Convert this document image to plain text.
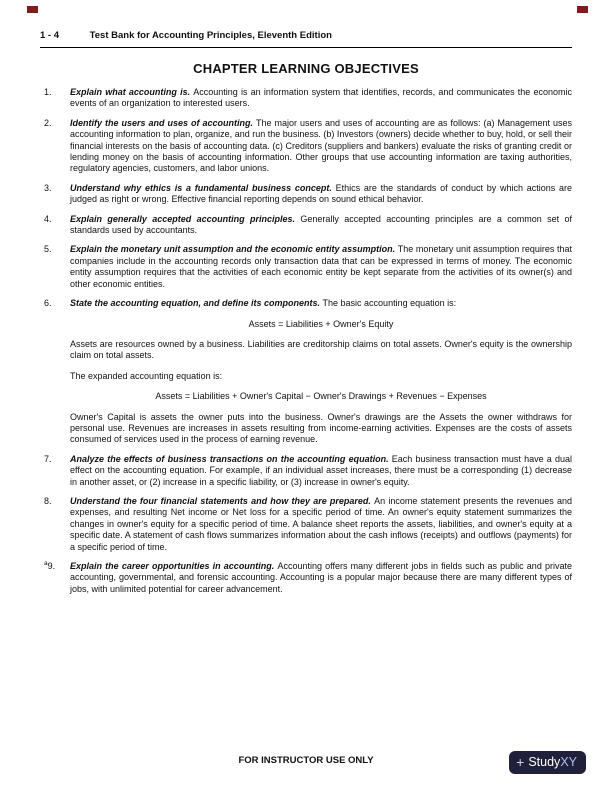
1 - 4	Test Bank for Accounting Principles, Eleventh Edition
CHAPTER LEARNING OBJECTIVES
1.	Explain what accounting is. Accounting is an information system that identifies, records, and communicates the economic events of an organization to interested users.

2.	Identify the users and uses of accounting. The major users and uses of accounting are as follows: (a) Management uses accounting information to plan, organize, and run the business. (b) Investors (owners) decide whether to buy, hold, or sell their financial interests on the basis of accounting data. (c) Creditors (suppliers and bankers) evaluate the risks of granting credit or lending money on the basis of accounting information. Other groups that use accounting information are taxing authorities, regulatory agencies, customers, and labor unions.

3.	Understand why ethics is a fundamental business concept. Ethics are the standards of conduct by which actions are judged as right or wrong. Effective financial reporting depends on sound ethical behavior.

4.	Explain generally accepted accounting principles. Generally accepted accounting principles are a common set of standards used by accountants.

5.	Explain the monetary unit assumption and the economic entity assumption. The monetary unit assumption requires that companies include in the accounting records only transaction data that can be expressed in terms of money. The economic entity assumption requires that the activities of each economic entity be kept separate from the activities of its owner(s) and other economic entities.

6.	State the accounting equation, and define its components. The basic accounting equation is:

Assets = Liabilities + Owner's Equity

Assets are resources owned by a business. Liabilities are creditorship claims on total assets. Owner's equity is the ownership claim on total assets.

The expanded accounting equation is:

Assets = Liabilities + Owner's Capital − Owner's Drawings + Revenues − Expenses

Owner's Capital is assets the owner puts into the business. Owner's drawings are the Assets the owner withdraws for personal use. Revenues are increases in assets resulting from income-earning activities. Expenses are the costs of assets consumed of services used in the process of earning revenue.

7.	Analyze the effects of business transactions on the accounting equation. Each business transaction must have a dual effect on the accounting equation. For example, if an individual asset increases, there must be a corresponding (1) decrease in another asset, or (2) increase in a specific liability, or (3) increase in owner's equity.

8.	Understand the four financial statements and how they are prepared. An income statement presents the revenues and expenses, and resulting Net income or Net loss for a specific period of time. An owner's equity statement summarizes the changes in owner's equity for a specific period of time. A balance sheet reports the assets, liabilities, and owner's equity at a specific date. A statement of cash flows summarizes information about the cash inflows (receipts) and outflows (payments) for a specific period of time.

$^a$9.	Explain the career opportunities in accounting. Accounting offers many different jobs in fields such as public and private accounting, governmental, and forensic accounting. Accounting is a popular major because there are many different types of jobs, with unlimited potential for career advancement.

FOR INSTRUCTOR USE ONLY	+ StudyXY
